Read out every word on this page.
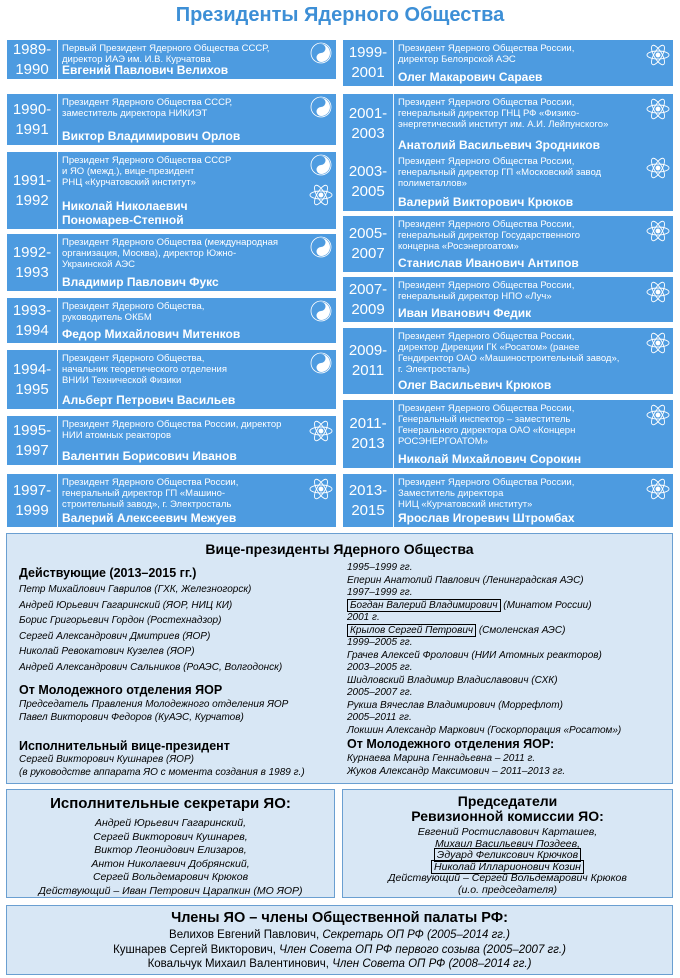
Президенты Ядерного Общества
1989-
1990
Первый Президент Ядерного Общества СССР,
директор ИАЭ им. И.В. Курчатова
Евгений Павлович Велихов
1990-
1991
Президент Ядерного Общества СССР,
заместитель директора НИКИЭТ
Виктор Владимирович Орлов
1991-
1992
Президент Ядерного Общества СССР
и ЯО (межд.), вице-президент
РНЦ «Курчатовский институт»
Николай Николаевич
Пономарев-Степной
1992-
1993
Президент Ядерного Общества (международная
организация, Москва), директор Южно-
Украинской АЭС
Владимир Павлович Фукс
1993-
1994
Президент Ядерного Общества,
руководитель ОКБМ
Федор Михайлович Митенков
1994-
1995
Президент Ядерного Общества,
начальник теоретического отделения
ВНИИ Технической Физики
Альберт Петрович Васильев
1995-
1997
Президент Ядерного Общества России, директор
НИИ атомных реакторов
Валентин Борисович Иванов
1997-
1999
Президент Ядерного Общества России,
генеральный директор ГП «Машино-
строительный завод», г. Электросталь
Валерий Алексеевич Межуев
1999-
2001
Президент Ядерного Общества России,
директор Белоярской АЭС
Олег Макарович Сараев
2001-
2003
Президент Ядерного Общества России,
генеральный директор ГНЦ РФ «Физико-
энергетический институт им. А.И. Лейпунского»
Анатолий Васильевич Зродников
2003-
2005
Президент Ядерного Общества России,
генеральный директор ГП «Московский завод
полиметаллов»
Валерий Викторович Крюков
2005-
2007
Президент Ядерного Общества России,
генеральный директор Государственного
концерна «Росэнергоатом»
Станислав Иванович Антипов
2007-
2009
Президент Ядерного Общества России,
генеральный директор НПО «Луч»
Иван Иванович Федик
2009-
2011
Президент Ядерного Общества России,
директор Дирекции ГК «Росатом» (ранее
Гендиректор ОАО «Машиностроительный завод»,
г. Электросталь)
Олег Васильевич Крюков
2011-
2013
Президент Ядерного Общества России,
Генеральный инспектор – заместитель
Генерального директора ОАО «Концерн
РОСЭНЕРГОАТОМ»
Николай Михайлович Сорокин
2013-
2015
Президент Ядерного Общества России,
Заместитель директора
НИЦ «Курчатовский институт»
Ярослав Игоревич Штромбах
Вице-президенты Ядерного Общества
Действующие (2013–2015 гг.)
Петр Михайлович Гаврилов (ГХК, Железногорск)
Андрей Юрьевич Гагаринский (ЯОР, НИЦ КИ)
Борис Григорьевич Гордон (Ростехнадзор)
Сергей Александрович Дмитриев (ЯОР)
Николай Ревокатович Кузелев (ЯОР)
Андрей Александрович Сальников (РоАЭС, Волгодонск)
От Молодежного отделения ЯОР
Председатель Правления Молодежного отделения ЯОР
Павел Викторович Федоров (КуАЭС, Курчатов)
Исполнительный вице-президент
Сергей Викторович Кушнарев (ЯОР)
(в руководстве аппарата ЯО с момента создания в 1989 г.)
1995–1999 гг.
Еперин Анатолий Павлович (Ленинградская АЭС)
1997–1999 гг.
Богдан Валерий Владимирович (Минатом России)
2001 г.
Крылов Сергей Петрович (Смоленская АЭС)
1999–2005 гг.
Грачев Алексей Фролович (НИИ Атомных реакторов)
2003–2005 гг.
Шидловский Владимир Владиславович (СХК)
2005–2007 гг.
Рукша Вячеслав Владимирович (Моррефлот)
2005–2011 гг.
Локшин Александр Маркович (Госкорпорация «Росатом»)
От Молодежного отделения ЯОР:
Курнаева Марина Геннадьевна – 2011 г.
Жуков Александр Максимович – 2011–2013 гг.
Исполнительные секретари ЯО:
Андрей Юрьевич Гагаринский,
Сергей Викторович Кушнарев,
Виктор Леонидович Елизаров,
Антон Николаевич Добрянский,
Сергей Вольдемарович Крюков
Действующий – Иван Петрович Царапкин (МО ЯОР)
Председатели
Ревизионной комиссии ЯО:
Евгений Ростиславович Карташев,
Михаил Васильевич Поздеев,
Эдуард Феликсович Крючков
Николай Илларионович Козин
Действующий – Сергей Вольдемарович Крюков
(и.о. председателя)
Члены ЯО – члены Общественной палаты РФ:
Велихов Евгений Павлович, Секретарь ОП РФ (2005–2014 гг.)
Кушнарев Сергей Викторович, Член Совета ОП РФ первого созыва (2005–2007 гг.)
Ковальчук Михаил Валентинович, Член Совета ОП РФ (2008–2014 гг.)
